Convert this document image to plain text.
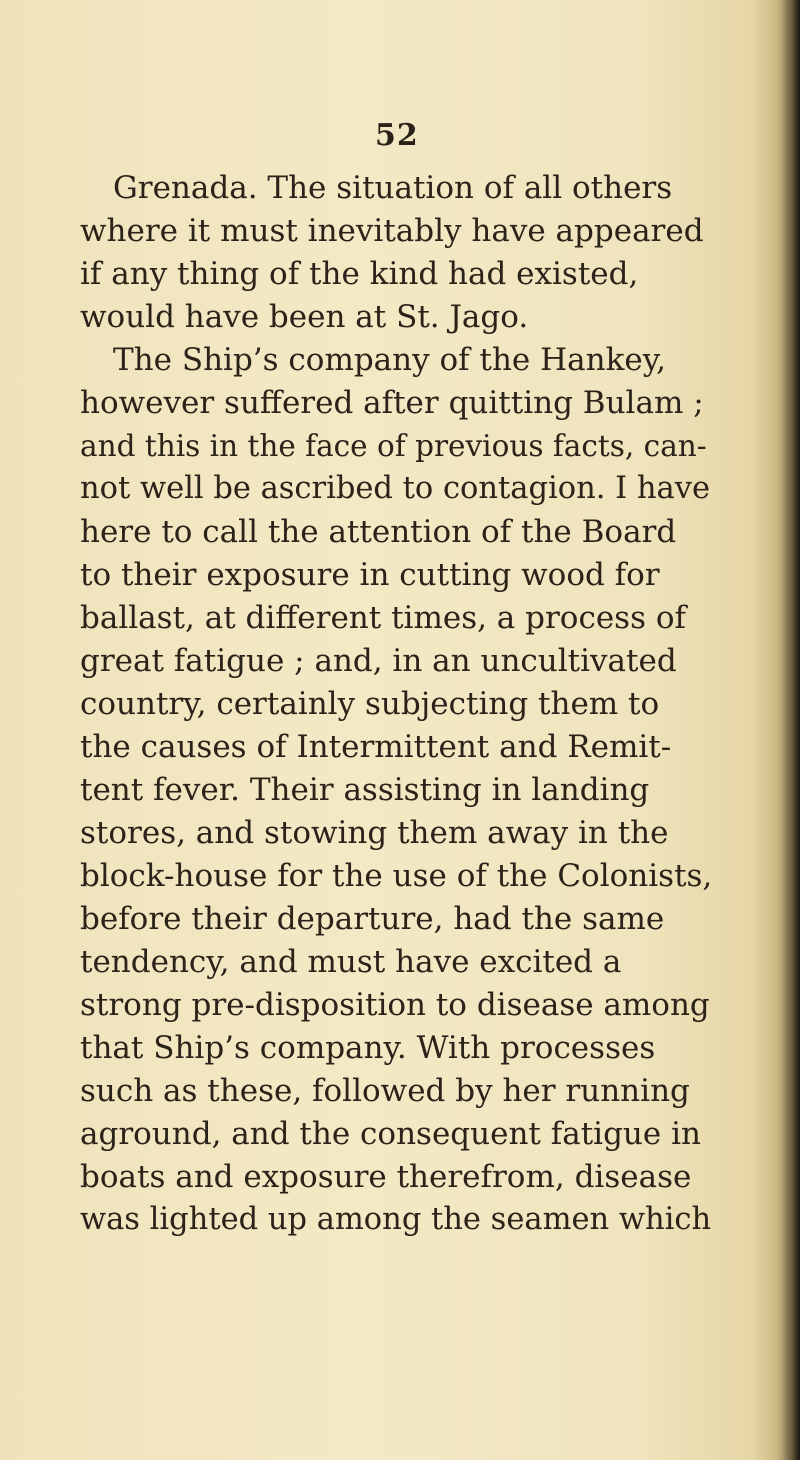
52
Grenada. The situation of all others
where it must inevitably have appeared
if any thing of the kind had existed,
would have been at St. Jago.
The Ship’s company of the Hankey,
however suffered after quitting Bulam ;
and this in the face of previous facts, can-
not well be ascribed to contagion. I have
here to call the attention of the Board
to their exposure in cutting wood for
ballast, at different times, a process of
great fatigue ; and, in an uncultivated
country, certainly subjecting them to
the causes of Intermittent and Remit-
tent fever. Their assisting in landing
stores, and stowing them away in the
block-house for the use of the Colonists,
before their departure, had the same
tendency, and must have excited a
strong pre-disposition to disease among
that Ship’s company. With processes
such as these, followed by her running
aground, and the consequent fatigue in
boats and exposure therefrom, disease
was lighted up among the seamen which
